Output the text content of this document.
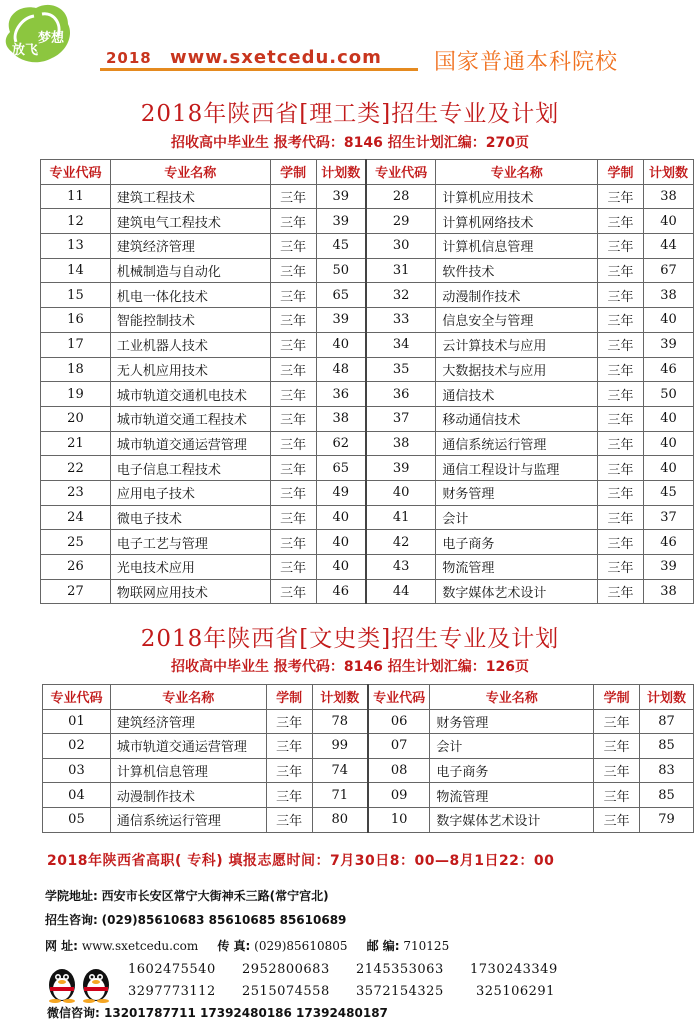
放飞
梦想
2018 www.sxetcedu.com 国家普通本科院校
2018年陕西省[理工类]招生专业及计划
招收高中毕业生 报考代码：8146 招生计划汇编：270页
专业代码	专业名称	学制	计划数	专业代码	专业名称	学制	计划数
11	建筑工程技术	三年	39	28	计算机应用技术	三年	38
12	建筑电气工程技术	三年	39	29	计算机网络技术	三年	40
13	建筑经济管理	三年	45	30	计算机信息管理	三年	44
14	机械制造与自动化	三年	50	31	软件技术	三年	67
15	机电一体化技术	三年	65	32	动漫制作技术	三年	38
16	智能控制技术	三年	39	33	信息安全与管理	三年	40
17	工业机器人技术	三年	40	34	云计算技术与应用	三年	39
18	无人机应用技术	三年	48	35	大数据技术与应用	三年	46
19	城市轨道交通机电技术	三年	36	36	通信技术	三年	50
20	城市轨道交通工程技术	三年	38	37	移动通信技术	三年	40
21	城市轨道交通运营管理	三年	62	38	通信系统运行管理	三年	40
22	电子信息工程技术	三年	65	39	通信工程设计与监理	三年	40
23	应用电子技术	三年	49	40	财务管理	三年	45
24	微电子技术	三年	40	41	会计	三年	37
25	电子工艺与管理	三年	40	42	电子商务	三年	46
26	光电技术应用	三年	40	43	物流管理	三年	39
27	物联网应用技术	三年	46	44	数字媒体艺术设计	三年	38
2018年陕西省[文史类]招生专业及计划
招收高中毕业生 报考代码：8146 招生计划汇编：126页
专业代码	专业名称	学制	计划数	专业代码	专业名称	学制	计划数
01	建筑经济管理	三年	78	06	财务管理	三年	87
02	城市轨道交通运营管理	三年	99	07	会计	三年	85
03	计算机信息管理	三年	74	08	电子商务	三年	83
04	动漫制作技术	三年	71	09	物流管理	三年	85
05	通信系统运行管理	三年	80	10	数字媒体艺术设计	三年	79
2018年陕西省高职( 专科) 填报志愿时间：7月30日8：00—8月1日22：00
学院地址: 西安市长安区常宁大街神禾三路(常宁宫北)
招生咨询: (029)85610683 85610685 85610689
网 址: www.sxetcedu.com 传 真: (029)85610805 邮 编: 710125
1602475540 2952800683 2145353063 1730243349
3297773112 2515074558 3572154325 325106291
微信咨询: 13201787711 17392480186 17392480187
